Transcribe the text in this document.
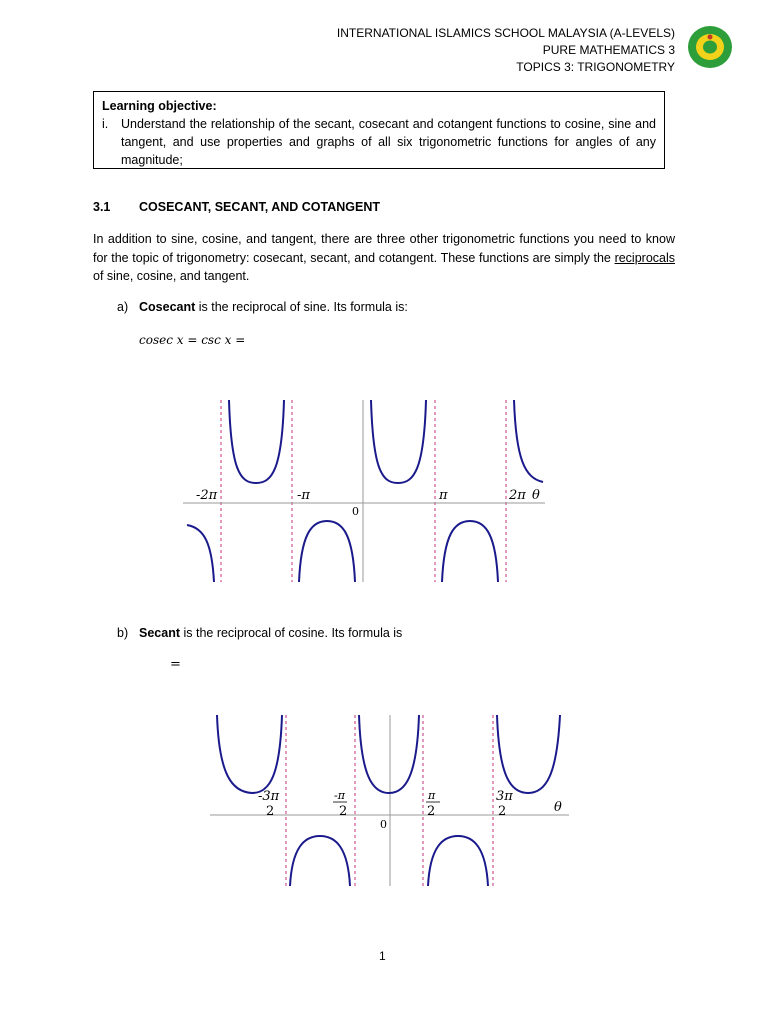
INTERNATIONAL ISLAMICS SCHOOL MALAYSIA (A-LEVELS)
PURE MATHEMATICS 3
TOPICS 3: TRIGONOMETRY
Learning objective:
i.	Understand the relationship of the secant, cosecant and cotangent functions to cosine, sine and tangent, and use properties and graphs of all six trigonometric functions for angles of any magnitude;
3.1 COSECANT, SECANT, AND COTANGENT
In addition to sine, cosine, and tangent, there are three other trigonometric functions you need to know for the topic of trigonometry: cosecant, secant, and cotangent. These functions are simply the reciprocals of sine, cosine, and tangent.
a) Cosecant is the reciprocal of sine. Its formula is:
cosec x = csc x =
-2π	-π
0
π	2π θ
b) Secant is the reciprocal of cosine. Its formula is
=
-3π
2
-π
2
0
π
2
3π
2	θ
1
